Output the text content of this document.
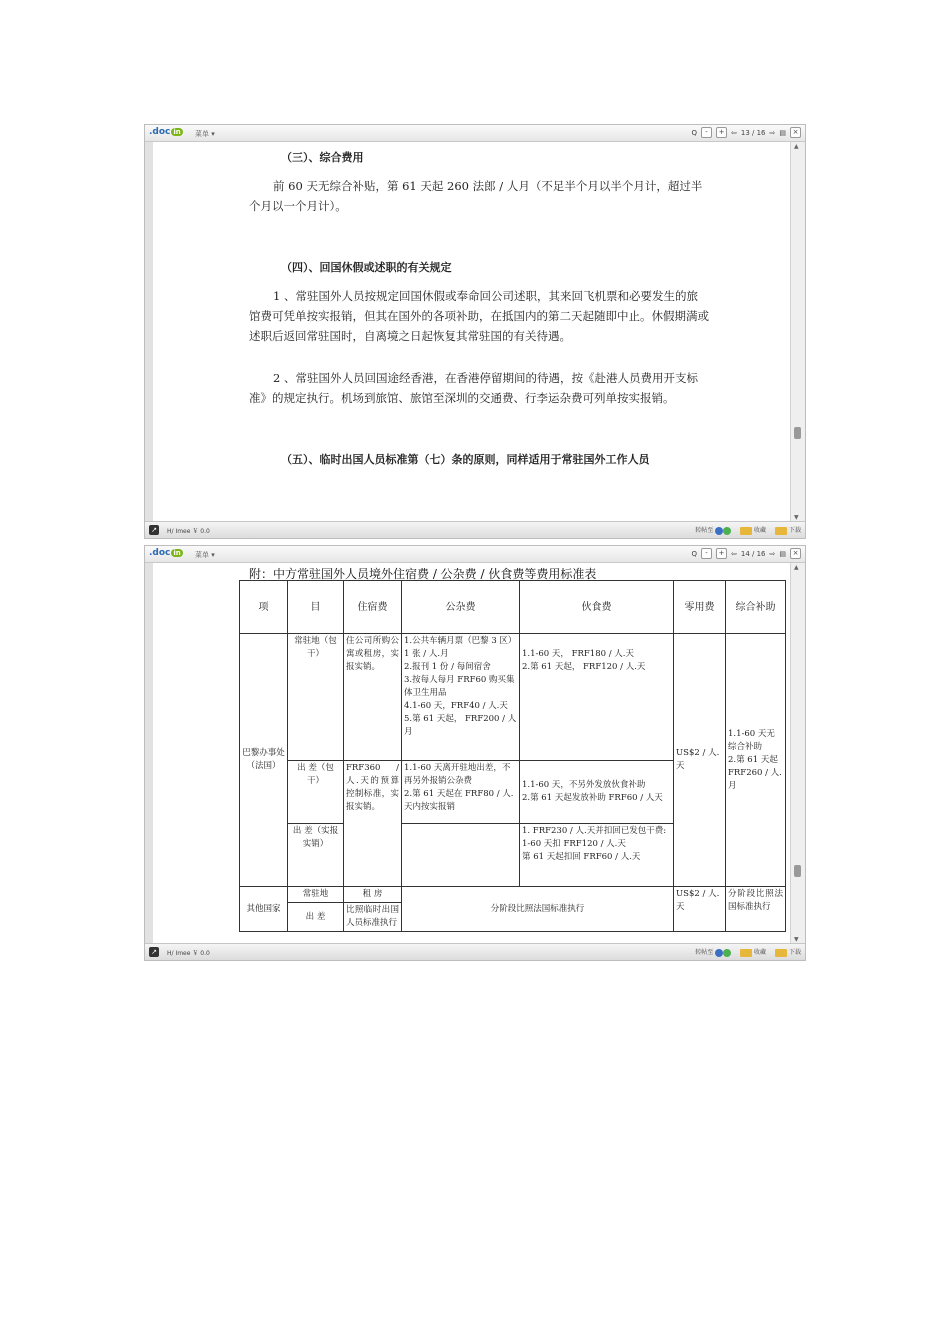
.doc in 菜单 ▾	Q	-	+ ⇦ 13 / 16 ⇨ ▤ ×
（三）、综合费用
前 60 天无综合补贴，第 61 天起 260 法郎 / 人月（不足半个月以半个月计，超过半个月以一个月计）。
（四）、回国休假或述职的有关规定
1 、常驻国外人员按规定回国休假或奉命回公司述职，其来回飞机票和必要发生的旅馆费可凭单按实报销，但其在国外的各项补助，在抵国内的第二天起随即中止。休假期满或述职后返回常驻国时，自离境之日起恢复其常驻国的有关待遇。
2 、常驻国外人员回国途经香港，在香港停留期间的待遇，按《赴港人员费用开支标准》的规定执行。机场到旅馆、旅馆至深圳的交通费、行李运杂费可列单按实报销。
（五）、临时出国人员标准第（七）条的原则，同样适用于常驻国外工作人员
▲
▼
↗	H/ Imee ￥ 0.0	转帖至	收藏	下载
.doc in 菜单 ▾	Q	-	+ ⇦ 14 / 16 ⇨ ▤ ×
附：中方常驻国外人员境外住宿费 / 公杂费 / 伙食费等费用标准表
项	目	住宿费	公杂费	伙食费	零用费	综合补助
巴黎办事处（法国）	常驻地（包 干）	住公司所购公寓或租房，实报实销。	1.公共车辆月票（巴黎 3 区）1 张 / 人.月
2.报刊 1 份 / 每间宿舍
3.按每人每月 FRF60 购买集体卫生用品
4.1-60 天，FRF40 / 人.天
5.第 61 天起， FRF200 / 人月	1.1-60 天， FRF180 / 人.天
2.第 61 天起， FRF120 / 人.天	US$2 / 人.天	1.1-60 天无综合补助
2.第 61 天起 FRF260 / 人.月
	出 差（包 干）	FRF360 / 人.天的预算控制标准，实报实销。	1.1-60 天离开驻地出差，不再另外报销公杂费
2.第 61 天起在 FRF80 / 人.天内按实报销	1.1-60 天，不另外发放伙食补助
2.第 61 天起发放补助 FRF60 / 人天		
	出 差（实报实销）			1. FRF230 / 人.天并扣回已发包干费:
1-60 天扣 FRF120 / 人.天
第 61 天起扣回 FRF60 / 人.天		
其他国家	常驻地	租 房	分阶段比照法国标准执行		US$2 / 人.天	分阶段比照法国标准执行
	出 差	比照临时出国人员标准执行				
▲
▼
↗	H/ Imee ￥ 0.0	转帖至	收藏	下载
